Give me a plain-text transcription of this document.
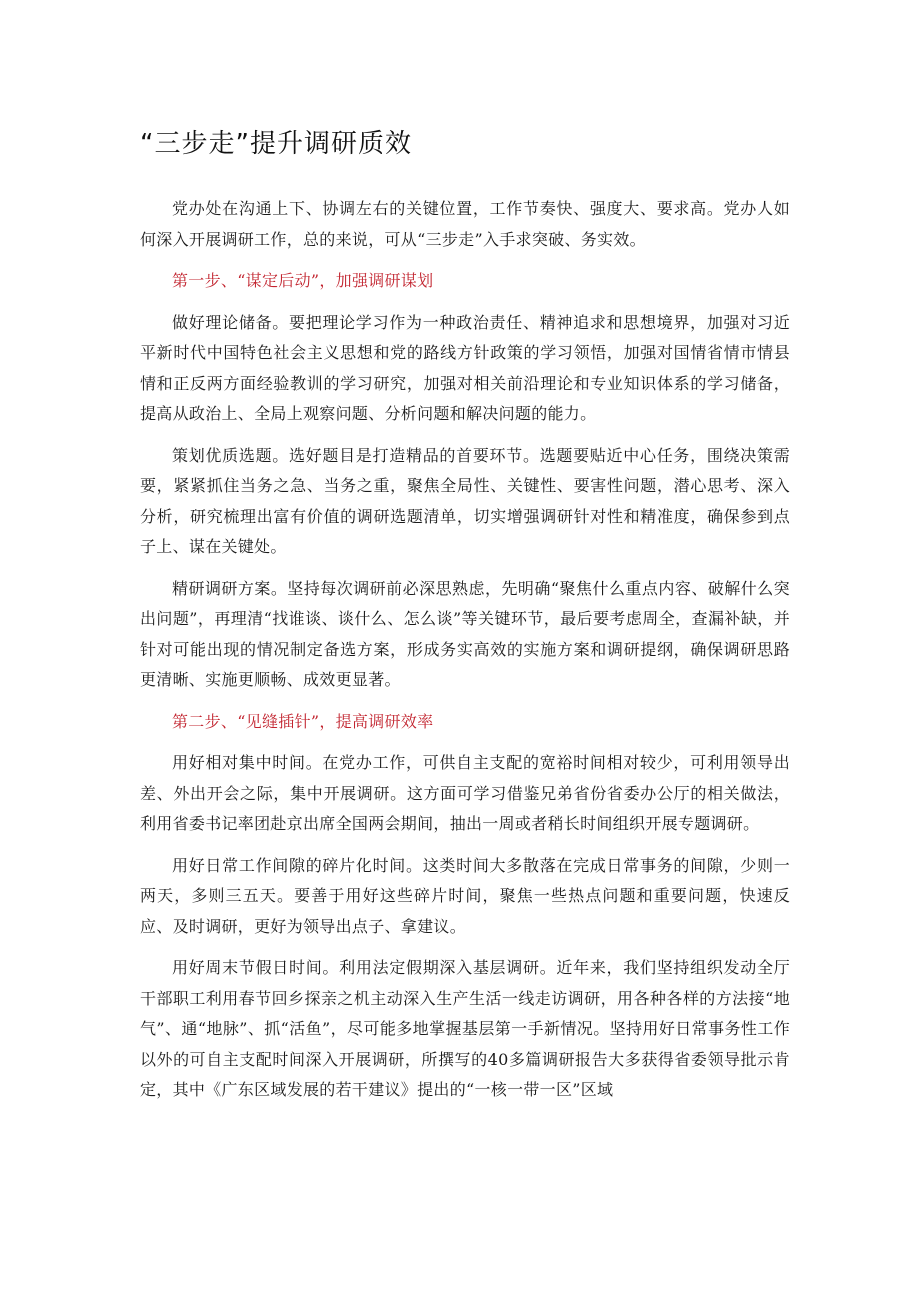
“三步走”提升调研质效

党办处在沟通上下、协调左右的关键位置，工作节奏快、强度大、要求高。党办人如何深入开展调研工作，总的来说，可从“三步走”入手求突破、务实效。

第一步、“谋定后动”，加强调研谋划

做好理论储备。要把理论学习作为一种政治责任、精神追求和思想境界，加强对习近平新时代中国特色社会主义思想和党的路线方针政策的学习领悟，加强对国情省情市情县情和正反两方面经验教训的学习研究，加强对相关前沿理论和专业知识体系的学习储备，提高从政治上、全局上观察问题、分析问题和解决问题的能力。

策划优质选题。选好题目是打造精品的首要环节。选题要贴近中心任务，围绕决策需要，紧紧抓住当务之急、当务之重，聚焦全局性、关键性、要害性问题，潜心思考、深入分析，研究梳理出富有价值的调研选题清单，切实增强调研针对性和精准度，确保参到点子上、谋在关键处。

精研调研方案。坚持每次调研前必深思熟虑，先明确“聚焦什么重点内容、破解什么突出问题”，再理清“找谁谈、谈什么、怎么谈”等关键环节，最后要考虑周全，查漏补缺，并针对可能出现的情况制定备选方案，形成务实高效的实施方案和调研提纲，确保调研思路更清晰、实施更顺畅、成效更显著。

第二步、“见缝插针”，提高调研效率

用好相对集中时间。在党办工作，可供自主支配的宽裕时间相对较少，可利用领导出差、外出开会之际，集中开展调研。这方面可学习借鉴兄弟省份省委办公厅的相关做法，利用省委书记率团赴京出席全国两会期间，抽出一周或者稍长时间组织开展专题调研。

用好日常工作间隙的碎片化时间。这类时间大多散落在完成日常事务的间隙，少则一两天，多则三五天。要善于用好这些碎片时间，聚焦一些热点问题和重要问题，快速反应、及时调研，更好为领导出点子、拿建议。

用好周末节假日时间。利用法定假期深入基层调研。近年来，我们坚持组织发动全厅干部职工利用春节回乡探亲之机主动深入生产生活一线走访调研，用各种各样的方法接“地气”、通“地脉”、抓“活鱼”，尽可能多地掌握基层第一手新情况。坚持用好日常事务性工作以外的可自主支配时间深入开展调研，所撰写的40多篇调研报告大多获得省委领导批示肯定，其中《广东区域发展的若干建议》提出的“一核一带一区”区域
